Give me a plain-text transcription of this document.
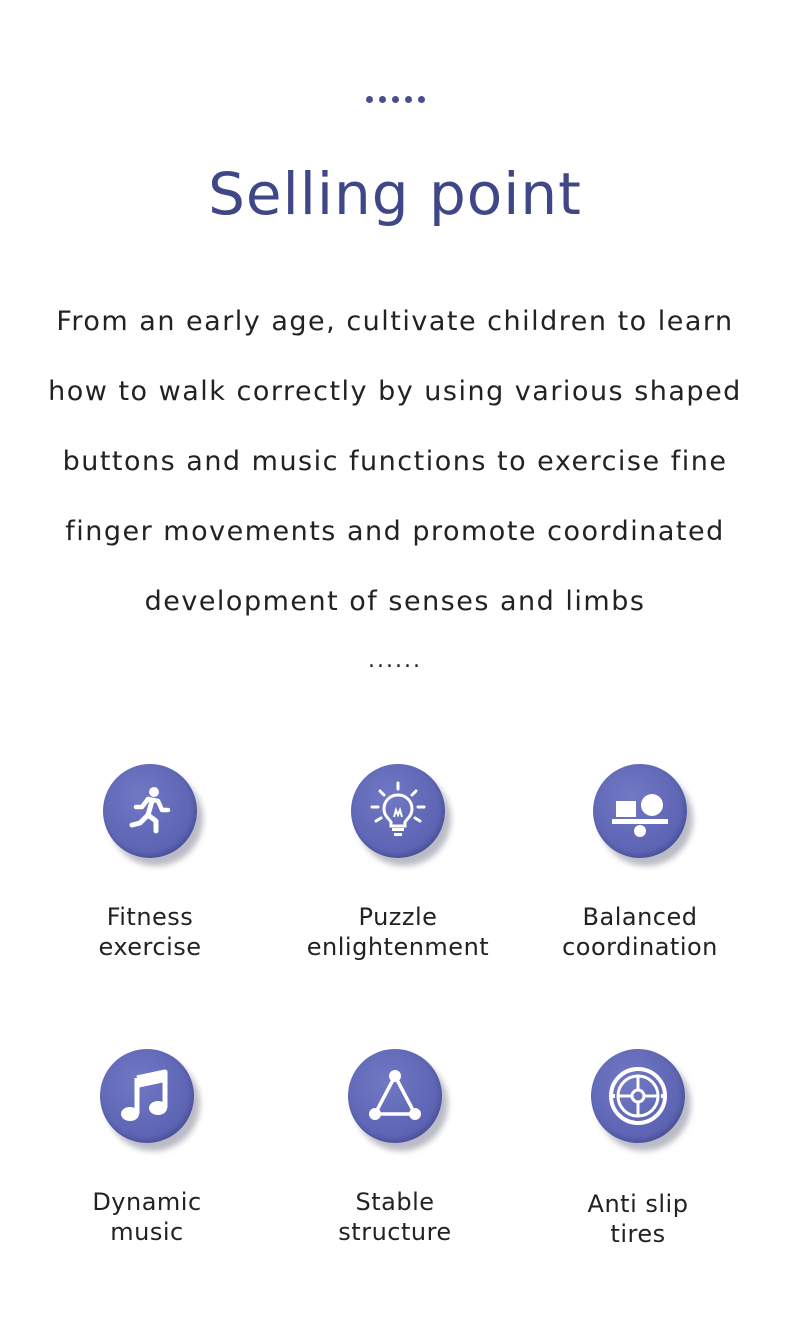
Selling point

From an early age, cultivate children to learn how to walk correctly by using various shaped buttons and music functions to exercise fine finger movements and promote coordinated development of senses and limbs

......
Fitness
exercise
Puzzle
enlightenment
Balanced
coordination
Dynamic
music
Stable
structure
Anti slip
tires
